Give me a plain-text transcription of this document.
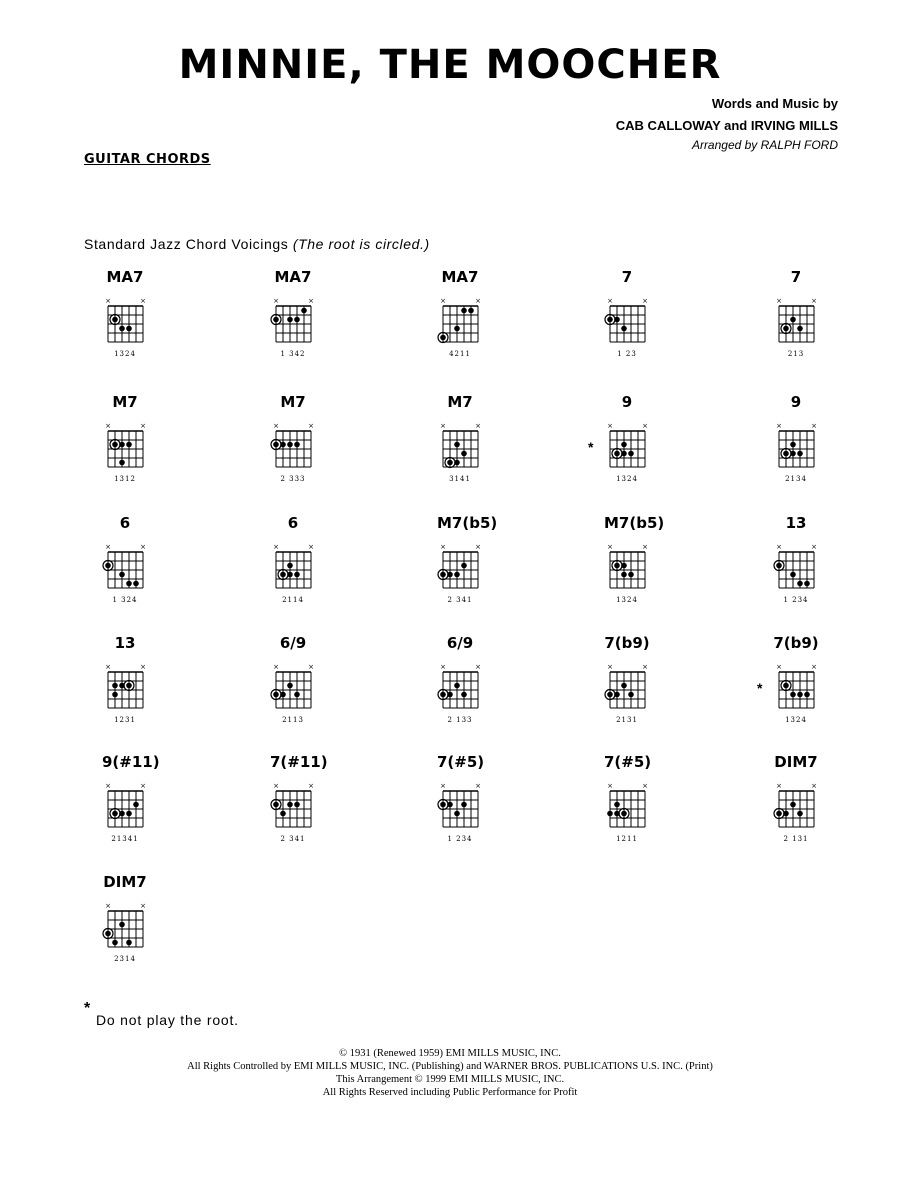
MINNIE, THE MOOCHER
Words and Music by
CAB CALLOWAY and IRVING MILLS
Arranged by RALPH FORD
GUITAR CHORDS
Standard Jazz Chord Voicings (The root is circled.)
MA7
×	×
1324
MA7
×	×
1 342
MA7
×	×
4211
7
×	×
1 23
7
×	×
213
M7
×	×
1312
M7
×	×
2 333
M7
×	×
3141
9
×	×
1324
*
9
×	×
2134
6
×	×
1 324
6
×	×
2114
M7(b5)
×	×
2 341
M7(b5)
×	×
1324
13
×	×
1 234
13
×	×
1231
6/9
×	×
2113
6/9
×	×
2 133
7(b9)
×	×
2131
7(b9)
×	×
1324
*
9(#11)
×	×
21341
7(#11)
×	×
2 341
7(#5)
×	×
1 234
7(#5)
×	×
1211
DIM7
×	×
2 131
DIM7
×	×
2314
*
Do not play the root.
© 1931 (Renewed 1959) EMI MILLS MUSIC, INC.
All Rights Controlled by EMI MILLS MUSIC, INC. (Publishing) and WARNER BROS. PUBLICATIONS U.S. INC. (Print)
This Arrangement © 1999 EMI MILLS MUSIC, INC.
All Rights Reserved including Public Performance for Profit
